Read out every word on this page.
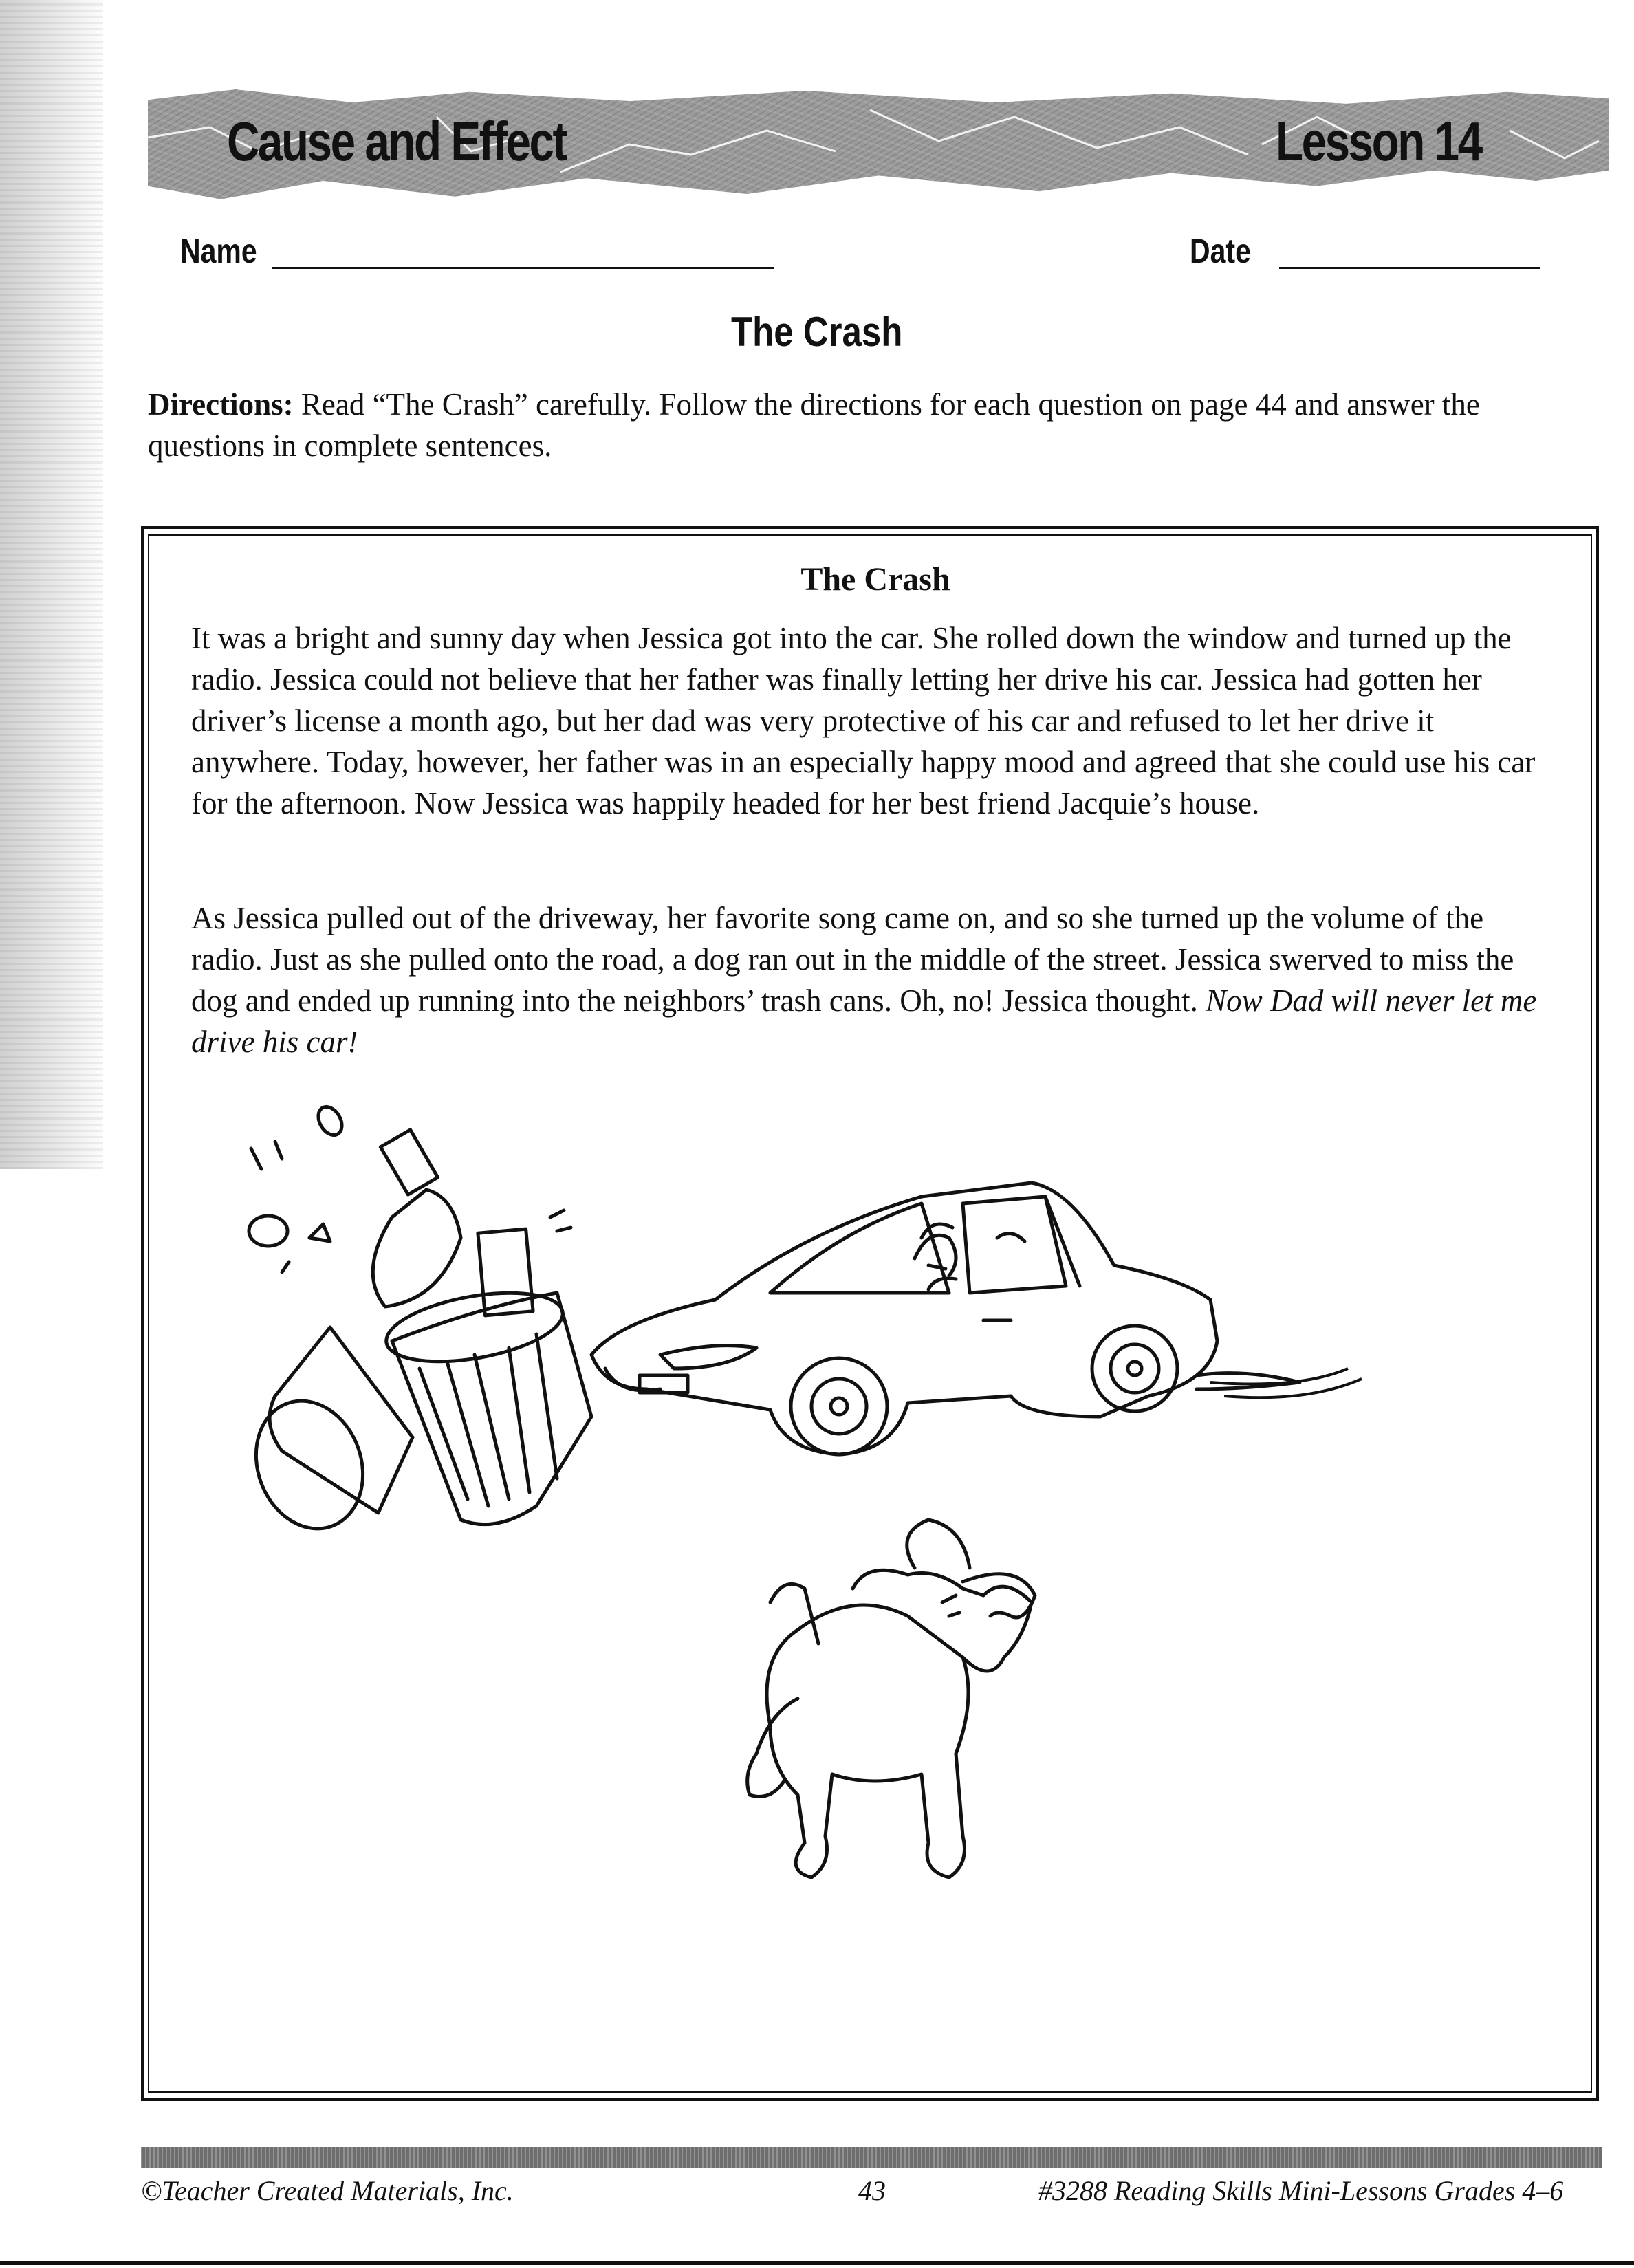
Cause and Effect	Lesson 14
Name	Date
The Crash
Directions: Read “The Crash” carefully. Follow the directions for each question on page 44 and answer the questions in complete sentences.
The Crash

It was a bright and sunny day when Jessica got into the car. She rolled down the window and turned up the radio. Jessica could not believe that her father was finally letting her drive his car. Jessica had gotten her driver’s license a month ago, but her dad was very protective of his car and refused to let her drive it anywhere. Today, however, her father was in an especially happy mood and agreed that she could use his car for the afternoon. Now Jessica was happily headed for her best friend Jacquie’s house.

As Jessica pulled out of the driveway, her favorite song came on, and so she turned up the volume of the radio. Just as she pulled onto the road, a dog ran out in the middle of the street. Jessica swerved to miss the dog and ended up running into the neighbors’ trash cans. Oh, no! Jessica thought. Now Dad will never let me drive his car!

©Teacher Created Materials, Inc.	43	#3288 Reading Skills Mini-Lessons Grades 4–6
